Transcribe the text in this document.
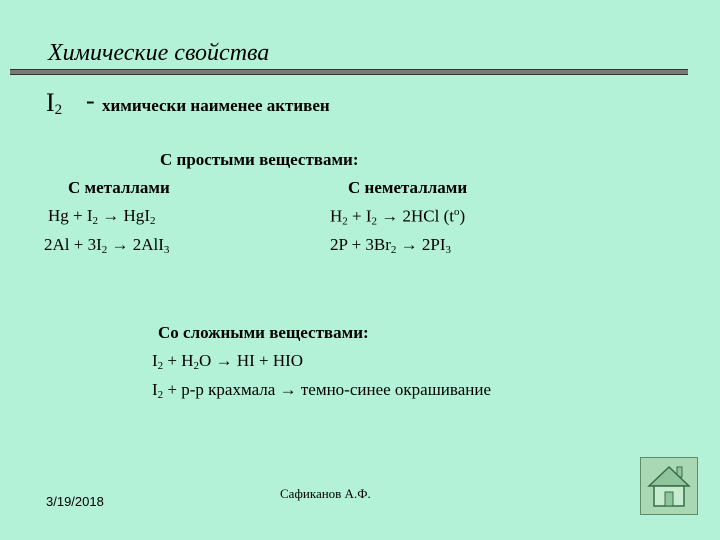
Химические свойства
$I_2$ - химически наименее активен
С простыми веществами:
С металлами	С неметаллами
$Hg + I_2 \to HgI_2$
$2Al + 3I_2 \to 2AlI_3$
$H_2 + I_2 \to 2HCl$ $(t^o)$
$2P + 3Br_2 \to 2PI_3$
Со сложными веществами:
$I_2 + H_2O$ → HI + HIO
$I_2 + р-р$ крахмала → темно-синее окрашивание
3/19/2018
Сафиканов А.Ф.
